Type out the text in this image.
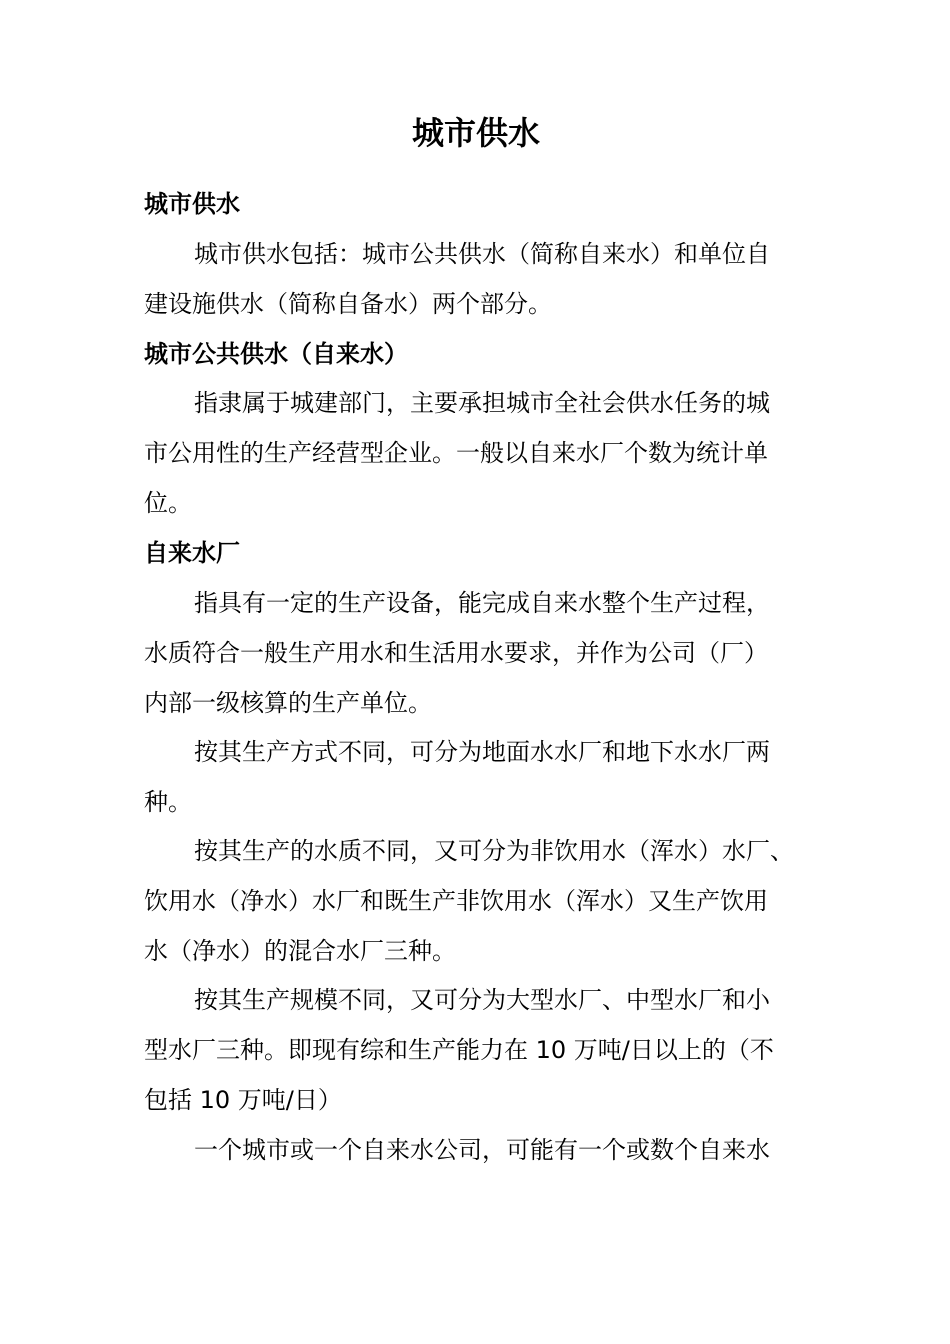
城市供水
城市供水

城市供水包括：城市公共供水（简称自来水）和单位自
建设施供水（简称自备水）两个部分。

城市公共供水（自来水）

指隶属于城建部门，主要承担城市全社会供水任务的城
市公用性的生产经营型企业。一般以自来水厂个数为统计单
位。

自来水厂

指具有一定的生产设备，能完成自来水整个生产过程，
水质符合一般生产用水和生活用水要求，并作为公司（厂）
内部一级核算的生产单位。

按其生产方式不同，可分为地面水水厂和地下水水厂两
种。

按其生产的水质不同，又可分为非饮用水（浑水）水厂、
饮用水（净水）水厂和既生产非饮用水（浑水）又生产饮用
水（净水）的混合水厂三种。

按其生产规模不同，又可分为大型水厂、中型水厂和小
型水厂三种。即现有综和生产能力在 10 万吨/日以上的（不
包括 10 万吨/日）

一个城市或一个自来水公司，可能有一个或数个自来水
